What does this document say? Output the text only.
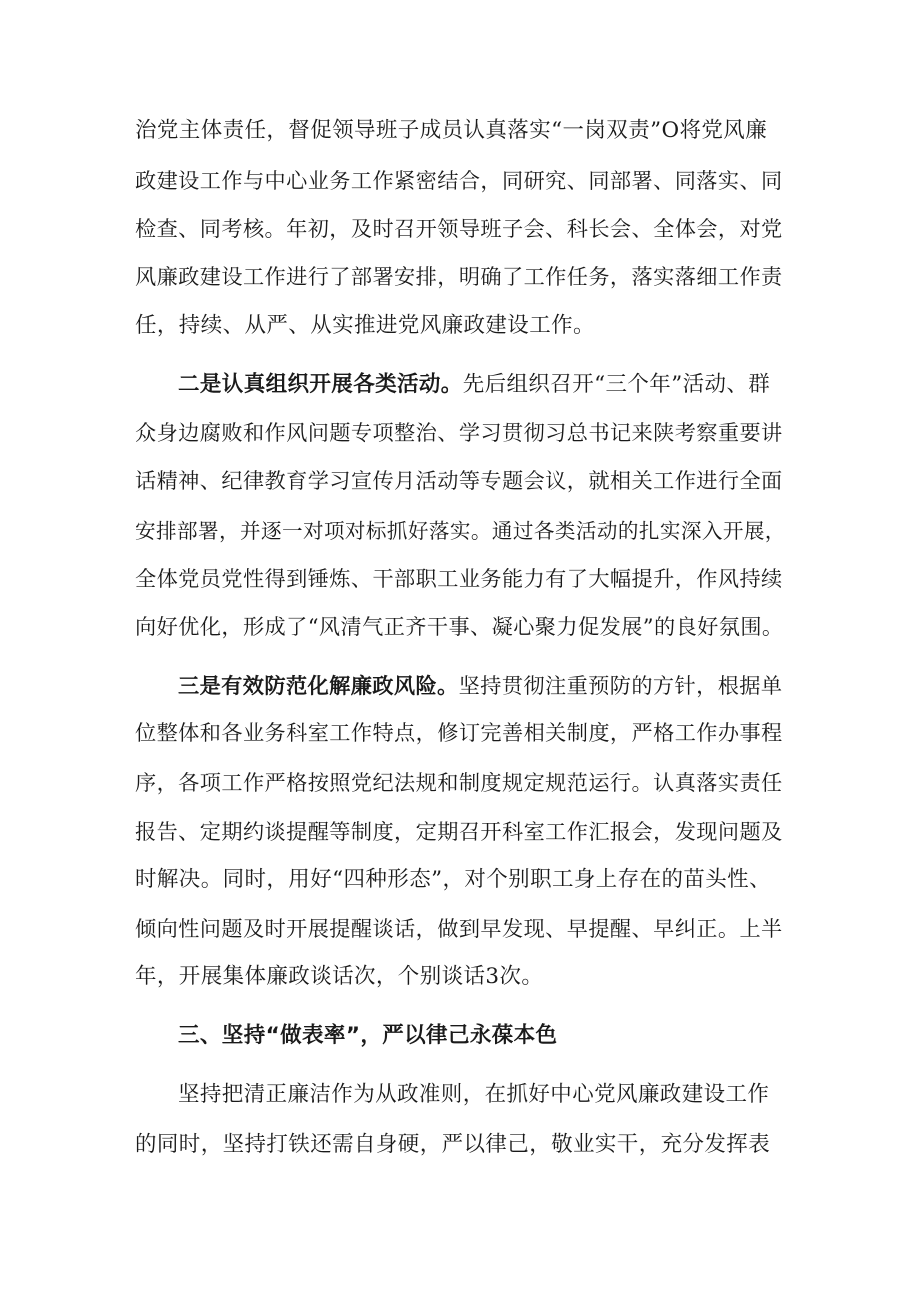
治党主体责任，督促领导班子成员认真落实“一岗双责”O将党风廉
政建设工作与中心业务工作紧密结合，同研究、同部署、同落实、同
检查、同考核。年初，及时召开领导班子会、科长会、全体会，对党
风廉政建设工作进行了部署安排，明确了工作任务，落实落细工作责
任，持续、从严、从实推进党风廉政建设工作。
二是认真组织开展各类活动。先后组织召开“三个年”活动、群
众身边腐败和作风问题专项整治、学习贯彻习总书记来陕考察重要讲
话精神、纪律教育学习宣传月活动等专题会议，就相关工作进行全面
安排部署，并逐一对项对标抓好落实。通过各类活动的扎实深入开展，
全体党员党性得到锤炼、干部职工业务能力有了大幅提升，作风持续
向好优化，形成了“风清气正齐干事、凝心聚力促发展”的良好氛围。
三是有效防范化解廉政风险。坚持贯彻注重预防的方针，根据单
位整体和各业务科室工作特点，修订完善相关制度，严格工作办事程
序，各项工作严格按照党纪法规和制度规定规范运行。认真落实责任
报告、定期约谈提醒等制度，定期召开科室工作汇报会，发现问题及
时解决。同时，用好“四种形态”，对个别职工身上存在的苗头性、
倾向性问题及时开展提醒谈话，做到早发现、早提醒、早纠正。上半
年，开展集体廉政谈话次，个别谈话3次。
三、坚持“做表率”，严以律己永葆本色
坚持把清正廉洁作为从政准则，在抓好中心党风廉政建设工作
的同时，坚持打铁还需自身硬，严以律己，敬业实干，充分发挥表
